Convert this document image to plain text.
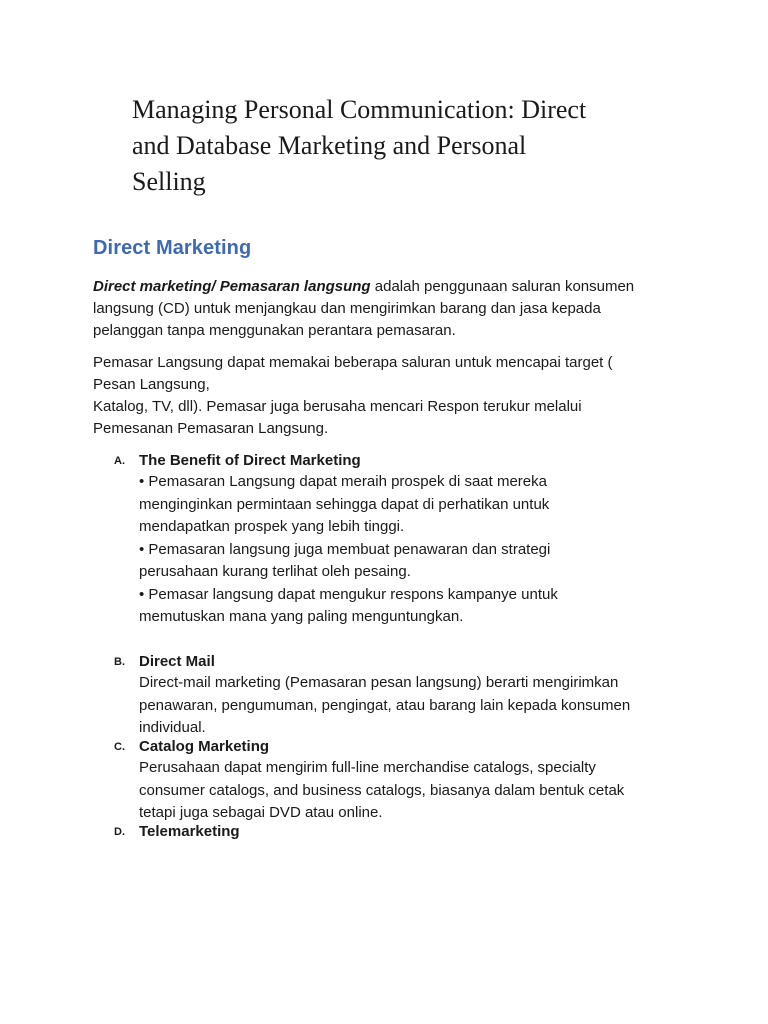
Managing Personal Communication: Direct
and Database Marketing and Personal
Selling
Direct Marketing
Direct marketing/ Pemasaran langsung adalah penggunaan saluran konsumen
langsung (CD) untuk menjangkau dan mengirimkan barang dan jasa kepada
pelanggan tanpa menggunakan perantara pemasaran.
Pemasar Langsung dapat memakai beberapa saluran untuk mencapai target (
Pesan Langsung,
Katalog, TV, dll). Pemasar juga berusaha mencari Respon terukur melalui
Pemesanan Pemasaran Langsung.
A. The Benefit of Direct Marketing
• Pemasaran Langsung dapat meraih prospek di saat mereka
menginginkan permintaan sehingga dapat di perhatikan untuk
mendapatkan prospek yang lebih tinggi.
• Pemasaran langsung juga membuat penawaran dan strategi
perusahaan kurang terlihat oleh pesaing.
• Pemasar langsung dapat mengukur respons kampanye untuk
memutuskan mana yang paling menguntungkan.
B. Direct Mail
Direct-mail marketing (Pemasaran pesan langsung) berarti mengirimkan
penawaran, pengumuman, pengingat, atau barang lain kepada konsumen
individual.
C. Catalog Marketing
Perusahaan dapat mengirim full-line merchandise catalogs, specialty
consumer catalogs, and business catalogs, biasanya dalam bentuk cetak
tetapi juga sebagai DVD atau online.
D. Telemarketing
